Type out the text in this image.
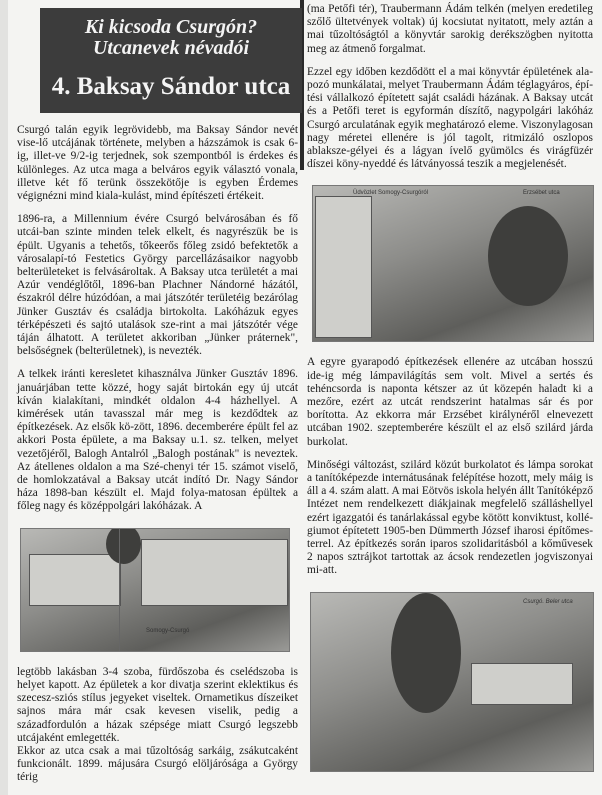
Ki kicsoda Csurgón?
Utcanevek névadói
4. Baksay Sándor utca

Csurgó talán egyik legrövidebb, ma Baksay Sándor nevét vise-lő utcájának története, melyben a házszámok is csak 6-ig, illet-ve 9/2-ig terjednek, sok szempontból is érdekes és különleges. Az utca maga a belváros egyik választó vonala, illetve két fő terünk összekötője is egyben Érdemes végignézni mind kiala-kulást, mind építészeti értékeit.

1896-ra, a Millennium évére Csurgó belvárosában és fő utcái-ban szinte minden telek elkelt, és nagyrészük be is épült. Ugyanis a tehetős, tőkeerős főleg zsidó befektetők a városalapí-tó Festetics György parcellázásaikor nagyobb belterületeket is felvásároltak. A Baksay utca területét a mai Azúr vendéglőtől, 1896-ban Plachner Nándorné házától, északról délre húzódóan, a mai játszótér területéig bezárólag Jünker Gusztáv és családja birtokolta. Lakóházuk egyes térképészeti és sajtó utalások sze-rint a mai játszótér vége táján álhatott. A területet akkoriban „Jünker práternek", belsőségnek (belterületnek), is nevezték.

A telkek iránti keresletet kihasználva Jünker Gusztáv 1896. januárjában tette közzé, hogy saját birtokán egy új utcát kíván kialakítani, mindkét oldalon 4-4 házhellyel. A kimérések után tavasszal már meg is kezdődtek az építkezések. Az elsők kö-zött, 1896. decemberére épült fel az akkori Posta épülete, a ma Baksay u.1. sz. telken, melyet vezetőjéről, Balogh Antalról „Balogh postának" is neveztek. Az átellenes oldalon a ma Szé-chenyi tér 15. számot viselő, de homlokzatával a Baksay utcát indító Dr. Nagy Sándor háza 1898-ban készült el. Majd folya-matosan épültek a főleg nagy és középpolgári lakóházak. A

Somogy-Csurgó

legtöbb lakásban 3-4 szoba, fürdőszoba és cselédszoba is helyet kapott. Az épületek a kor divatja szerint eklektikus és szecesz-sziós stílus jegyeket viseltek. Ornametikus díszeiket sajnos mára már csak kevesen viselik, pedig a századfordulón a házak szépsége miatt Csurgó legszebb utcájaként emlegették.

Ekkor az utca csak a mai tűzoltóság sarkáig, zsákutcaként funkcionált. 1899. májusára Csurgó elöljárósága a György térig

(ma Petőfi tér), Traubermann Ádám telkén (melyen eredetileg szőlő ültetvények voltak) új kocsiutat nyitatott, mely aztán a mai tűzoltóságtól a könyvtár sarokig derékszögben nyitotta meg az átmenő forgalmat.

Ezzel egy időben kezdődött el a mai könyvtár épületének ala-pozó munkálatai, melyet Traubermann Ádám téglagyáros, épí-tési vállalkozó építetett saját családi házának. A Baksay utcát és a Petőfi teret is egyformán díszítő, nagypolgári lakóház Csurgó arculatának egyik meghatározó eleme. Viszonylagosan nagy méretei ellenére is jól tagolt, ritmizáló oszlopos ablaksze-gélyei és a lágyan ívelő gyümölcs és virágfüzér díszei köny-nyeddé és látványossá teszik a megjelenését.

Üdvözlet Somogy-Csurgóról	Erzsébet utca

A egyre gyarapodó építkezések ellenére az utcában hosszú ide-ig még lámpavilágítás sem volt. Mivel a sertés és tehéncsorda is naponta kétszer az út közepén haladt ki a mezőre, ezért az utcát rendszerint hatalmas sár és por borította. Az ekkorra már Erzsébet királynéről elnevezett utcában 1902. szeptemberére készült el az első szilárd járda burkolat.

Minőségi változást, szilárd közút burkolatot és lámpa sorokat a tanítóképezde internátusának felépítése hozott, mely máig is áll a 4. szám alatt. A mai Eötvös iskola helyén állt Tanítóképző Intézet nem rendelkezett diákjainak megfelelő szálláshellyel ezért igazgatói és tanárlakással egybe kötött konviktust, kollé-giumot építetett 1905-ben Dümmerth József iharosi építőmes-terrel. Az építkezés során iparos szolidaritásból a kőművesek 2 napos sztrájkot tartottak az ácsok rendezetlen jogviszonyai mi-att.

Csurgó. Beler utca
